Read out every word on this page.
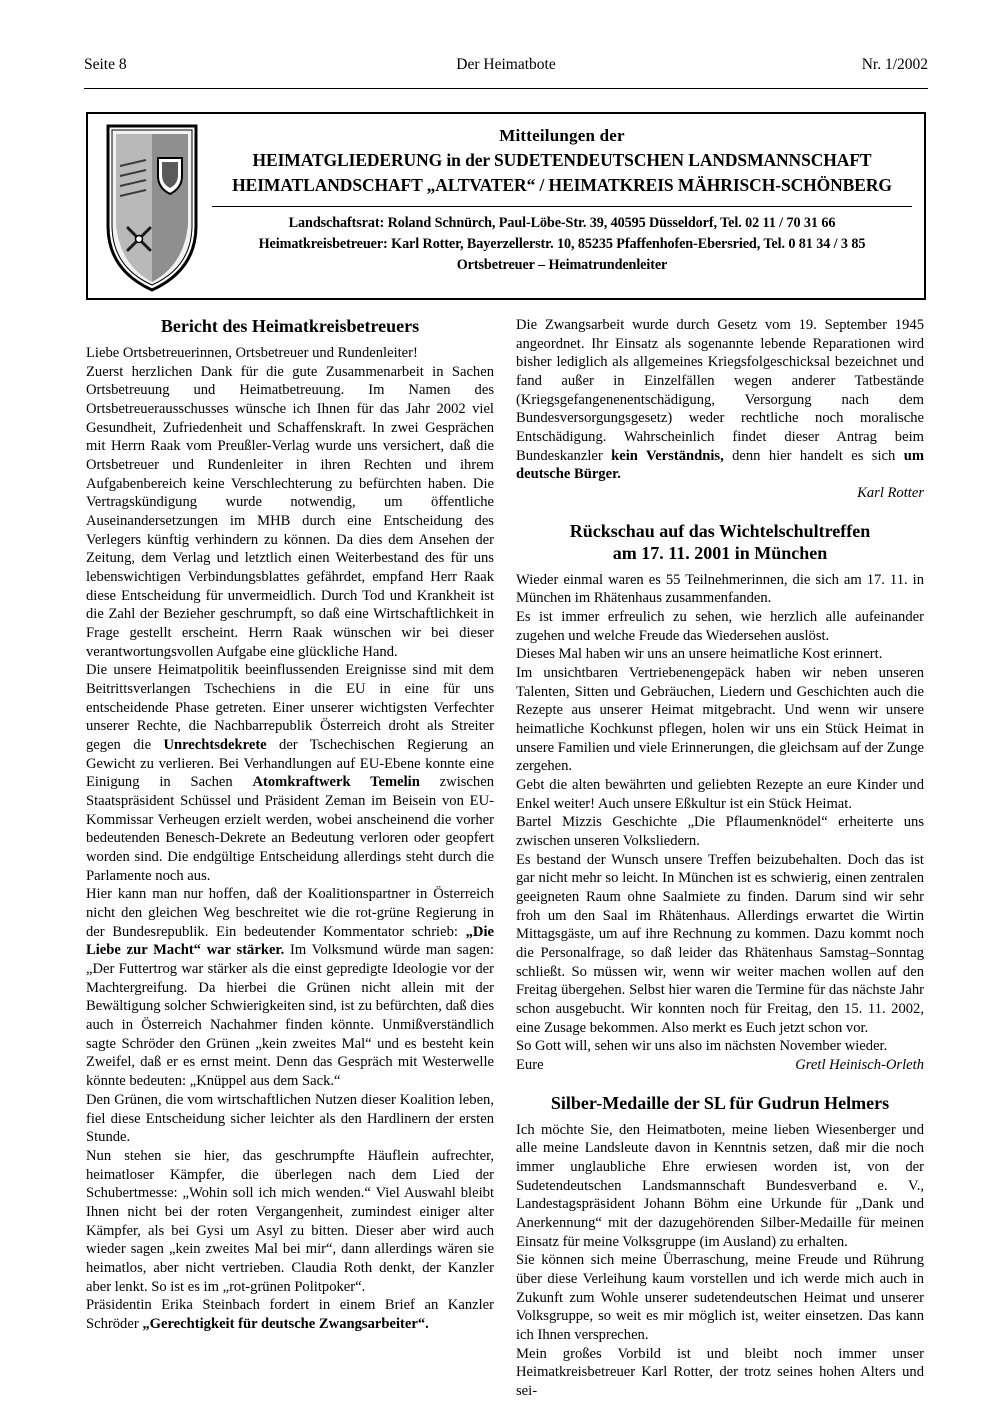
Seite 8	Der Heimatbote	Nr. 1/2002
Mitteilungen der
HEIMATGLIEDERUNG in der SUDETENDEUTSCHEN LANDSMANNSCHAFT
HEIMATLANDSCHAFT „ALTVATER“ / HEIMATKREIS MÄHRISCH-SCHÖNBERG
Landschaftsrat: Roland Schnürch, Paul-Löbe-Str. 39, 40595 Düsseldorf, Tel. 02 11 / 70 31 66
Heimatkreisbetreuer: Karl Rotter, Bayerzellerstr. 10, 85235 Pfaffenhofen-Ebersried, Tel. 0 81 34 / 3 85
Ortsbetreuer – Heimatrundenleiter
Bericht des Heimatkreisbetreuers

Liebe Ortsbetreuerinnen, Ortsbetreuer und Rundenleiter!

Zuerst herzlichen Dank für die gute Zusammenarbeit in Sachen Ortsbetreuung und Heimatbetreuung. Im Namen des Ortsbetreuerausschusses wünsche ich Ihnen für das Jahr 2002 viel Gesundheit, Zufriedenheit und Schaffenskraft. In zwei Gesprächen mit Herrn Raak vom Preußler-Verlag wurde uns versichert, daß die Ortsbetreuer und Rundenleiter in ihren Rechten und ihrem Aufgabenbereich keine Verschlechterung zu befürchten haben. Die Vertragskündigung wurde notwendig, um öffentliche Auseinandersetzungen im MHB durch eine Entscheidung des Verlegers künftig verhindern zu können. Da dies dem Ansehen der Zeitung, dem Verlag und letztlich einen Weiterbestand des für uns lebenswichtigen Verbindungsblattes gefährdet, empfand Herr Raak diese Entscheidung für unvermeidlich. Durch Tod und Krankheit ist die Zahl der Bezieher geschrumpft, so daß eine Wirtschaftlichkeit in Frage gestellt erscheint. Herrn Raak wünschen wir bei dieser verantwortungsvollen Aufgabe eine glückliche Hand.

Die unsere Heimatpolitik beeinflussenden Ereignisse sind mit dem Beitrittsverlangen Tschechiens in die EU in eine für uns entscheidende Phase getreten. Einer unserer wichtigsten Verfechter unserer Rechte, die Nachbarrepublik Österreich droht als Streiter gegen die Unrechtsdekrete der Tschechischen Regierung an Gewicht zu verlieren. Bei Verhandlungen auf EU-Ebene konnte eine Einigung in Sachen Atomkraftwerk Temelin zwischen Staatspräsident Schüssel und Präsident Zeman im Beisein von EU-Kommissar Verheugen erzielt werden, wobei anscheinend die vorher bedeutenden Benesch-Dekrete an Bedeutung verloren oder geopfert worden sind. Die endgültige Entscheidung allerdings steht durch die Parlamente noch aus.

Hier kann man nur hoffen, daß der Koalitionspartner in Österreich nicht den gleichen Weg beschreitet wie die rot-grüne Regierung in der Bundesrepublik. Ein bedeutender Kommentator schrieb: „Die Liebe zur Macht“ war stärker. Im Volksmund würde man sagen: „Der Futtertrog war stärker als die einst gepredigte Ideologie vor der Machtergreifung. Da hierbei die Grünen nicht allein mit der Bewältigung solcher Schwierigkeiten sind, ist zu befürchten, daß dies auch in Österreich Nachahmer finden könnte. Unmißverständlich sagte Schröder den Grünen „kein zweites Mal“ und es besteht kein Zweifel, daß er es ernst meint. Denn das Gespräch mit Westerwelle könnte bedeuten: „Knüppel aus dem Sack.“

Den Grünen, die vom wirtschaftlichen Nutzen dieser Koalition leben, fiel diese Entscheidung sicher leichter als den Hardlinern der ersten Stunde.

Nun stehen sie hier, das geschrumpfte Häuflein aufrechter, heimatloser Kämpfer, die überlegen nach dem Lied der Schubertmesse: „Wohin soll ich mich wenden.“ Viel Auswahl bleibt Ihnen nicht bei der roten Vergangenheit, zumindest einiger alter Kämpfer, als bei Gysi um Asyl zu bitten. Dieser aber wird auch wieder sagen „kein zweites Mal bei mir“, dann allerdings wären sie heimatlos, aber nicht vertrieben. Claudia Roth denkt, der Kanzler aber lenkt. So ist es im „rot-grünen Politpoker“.

Präsidentin Erika Steinbach fordert in einem Brief an Kanzler Schröder „Gerechtigkeit für deutsche Zwangsarbeiter“.

Die Zwangsarbeit wurde durch Gesetz vom 19. September 1945 angeordnet. Ihr Einsatz als sogenannte lebende Reparationen wird bisher lediglich als allgemeines Kriegsfolgeschicksal bezeichnet und fand außer in Einzelfällen wegen anderer Tatbestände (Kriegsgefangenenentschädigung, Versorgung nach dem Bundesversorgungsgesetz) weder rechtliche noch moralische Entschädigung. Wahrscheinlich findet dieser Antrag beim Bundeskanzler kein Verständnis, denn hier handelt es sich um deutsche Bürger.

Karl Rotter

Rückschau auf das Wichtelschultreffen
am 17. 11. 2001 in München

Wieder einmal waren es 55 Teilnehmerinnen, die sich am 17. 11. in München im Rhätenhaus zusammenfanden.

Es ist immer erfreulich zu sehen, wie herzlich alle aufeinander zugehen und welche Freude das Wiedersehen auslöst.

Dieses Mal haben wir uns an unsere heimatliche Kost erinnert.

Im unsichtbaren Vertriebenengepäck haben wir neben unseren Talenten, Sitten und Gebräuchen, Liedern und Geschichten auch die Rezepte aus unserer Heimat mitgebracht. Und wenn wir unsere heimatliche Kochkunst pflegen, holen wir uns ein Stück Heimat in unsere Familien und viele Erinnerungen, die gleichsam auf der Zunge zergehen.

Gebt die alten bewährten und geliebten Rezepte an eure Kinder und Enkel weiter! Auch unsere Eßkultur ist ein Stück Heimat.

Bartel Mizzis Geschichte „Die Pflaumenknödel“ erheiterte uns zwischen unseren Volksliedern.

Es bestand der Wunsch unsere Treffen beizubehalten. Doch das ist gar nicht mehr so leicht. In München ist es schwierig, einen zentralen geeigneten Raum ohne Saalmiete zu finden. Darum sind wir sehr froh um den Saal im Rhätenhaus. Allerdings erwartet die Wirtin Mittagsgäste, um auf ihre Rechnung zu kommen. Dazu kommt noch die Personalfrage, so daß leider das Rhätenhaus Samstag–Sonntag schließt. So müssen wir, wenn wir weiter machen wollen auf den Freitag übergehen. Selbst hier waren die Termine für das nächste Jahr schon ausgebucht. Wir konnten noch für Freitag, den 15. 11. 2002, eine Zusage bekommen. Also merkt es Euch jetzt schon vor.

So Gott will, sehen wir uns also im nächsten November wieder.

Eure	Gretl Heinisch-Orleth
Silber-Medaille der SL für Gudrun Helmers

Ich möchte Sie, den Heimatboten, meine lieben Wiesenberger und alle meine Landsleute davon in Kenntnis setzen, daß mir die noch immer unglaubliche Ehre erwiesen worden ist, von der Sudetendeutschen Landsmannschaft Bundesverband e. V., Landestagspräsident Johann Böhm eine Urkunde für „Dank und Anerkennung“ mit der dazugehörenden Silber-Medaille für meinen Einsatz für meine Volksgruppe (im Ausland) zu erhalten.

Sie können sich meine Überraschung, meine Freude und Rührung über diese Verleihung kaum vorstellen und ich werde mich auch in Zukunft zum Wohle unserer sudetendeutschen Heimat und unserer Volksgruppe, so weit es mir möglich ist, weiter einsetzen. Das kann ich Ihnen versprechen.

Mein großes Vorbild ist und bleibt noch immer unser Heimatkreisbetreuer Karl Rotter, der trotz seines hohen Alters und sei-
